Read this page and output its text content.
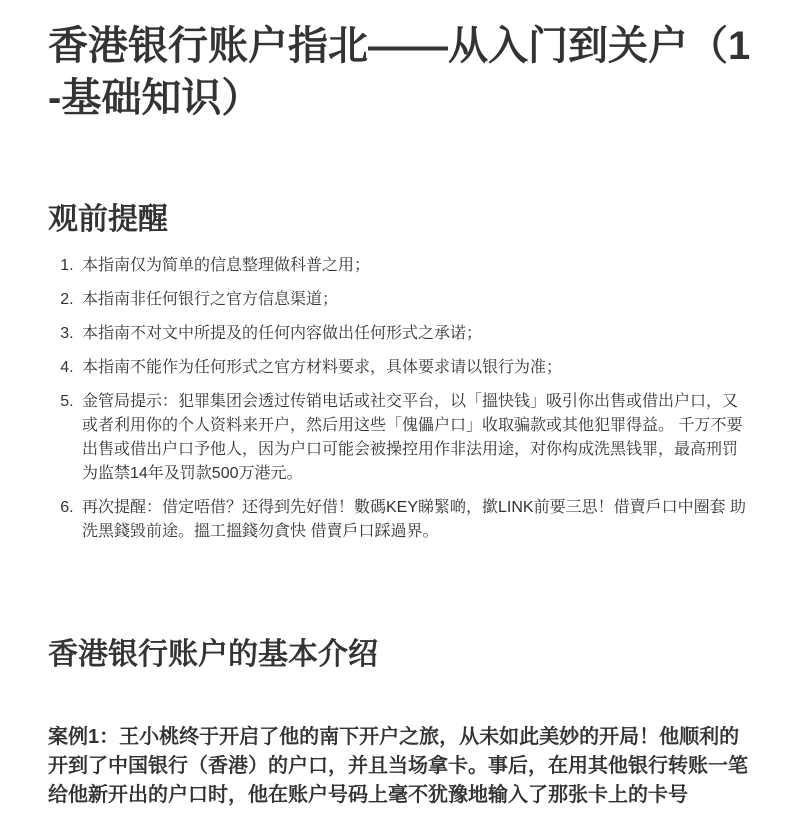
香港银行账户指北——从入门到关户（1-基础知识）
观前提醒
1. 本指南仅为简单的信息整理做科普之用；
2. 本指南非任何银行之官方信息渠道；
3. 本指南不对文中所提及的任何内容做出任何形式之承诺；
4. 本指南不能作为任何形式之官方材料要求，具体要求请以银行为准；
5. 金管局提示：犯罪集团会透过传销电话或社交平台，以「搵快钱」吸引你出售或借出户口，又或者利用你的个人资料来开户，然后用这些「傀儡户口」收取骗款或其他犯罪得益。 千万不要出售或借出户口予他人，因为户口可能会被操控用作非法用途，对你构成洗黑钱罪，最高刑罚为监禁14年及罚款500万港元。
6. 再次提醒：借定唔借？还得到先好借！數碼KEY睇緊啲，撳LINK前要三思！借賣戶口中圈套 助洗黑錢毀前途。搵工搵錢勿貪快 借賣戶口踩過界。
香港银行账户的基本介绍

案例1：王小桃终于开启了他的南下开户之旅，从未如此美妙的开局！他顺利的开到了中国银行（香港）的户口，并且当场拿卡。事后，在用其他银行转账一笔给他新开出的户口时，他在账户号码上毫不犹豫地输入了那张卡上的卡号
